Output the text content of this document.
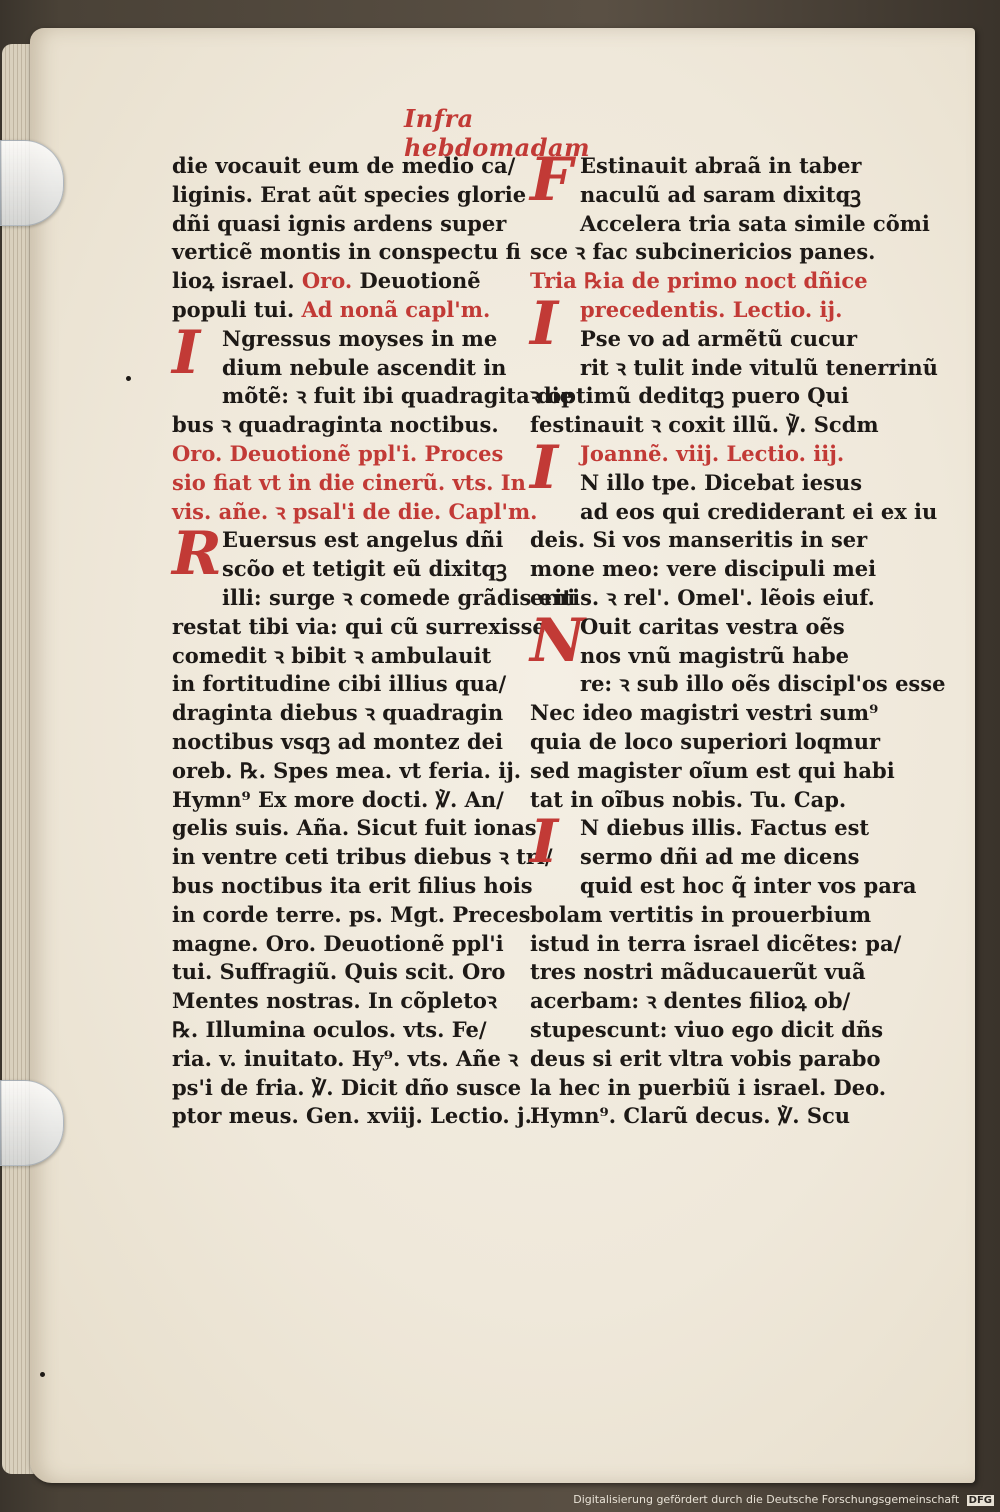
Infra hebdomadam
die vocauit eum de medio ca/
liginis. Erat aũt species glorie
dñi quasi ignis ardens super
verticẽ montis in conspectu fi
lioꝝ israel. Oro. Deuotionẽ
populi tui. Ad nonã capl'm.
I	Ngressus moyses in me
dium nebule ascendit in
mõtẽ: ꝛ fuit ibi quadragita die
bus ꝛ quadraginta noctibus.
Oro. Deuotionẽ ppl'i. Proces
sio fiat vt in die cinerũ. vts. In
vis. añe. ꝛ psal'i de die. Capl'm.
R Euersus est angelus dñi
scõo et tetigit eũ dixitqꝫ
illi: surge ꝛ comede grãdis eni
restat tibi via: qui cũ surrexisset
comedit ꝛ bibit ꝛ ambulauit
in fortitudine cibi illius qua/
draginta diebus ꝛ quadragin
noctibus vsqꝫ ad montez dei
oreb. ℞. Spes mea. vt feria. ij.
Hymn⁹ Ex more docti. ℣. An/
gelis suis. Aña. Sicut fuit ionas
in ventre ceti tribus diebus ꝛ tri/
bus noctibus ita erit filius hois
in corde terre. ps. Mgt. Preces
magne. Oro. Deuotionẽ ppl'i
tui. Suffragiũ. Quis scit. Oro
Mentes nostras. In cõpletoꝛ
℞. Illumina oculos. vts. Fe/
ria. v. inuitato. Hy⁹. vts. Añe ꝛ
ps'i de fria. ℣. Dicit dño susce
ptor meus. Gen. xviij. Lectio. j.
F Estinauit abraã in taber
naculũ ad saram dixitqꝫ
Accelera tria sata simile cõmi
sce ꝛ fac subcinericios panes.
Tria ℞ia de primo noct dñice
I	precedentis. Lectio. ij.
Pse vo ad armẽtũ cucur
rit ꝛ tulit inde vitulũ tenerrinũ
ꝛ optimũ deditqꝫ puero Qui
festinauit ꝛ coxit illũ. ℣. Scdm
I	Joannẽ. viij. Lectio. iij.
N illo tpe. Dicebat iesus
ad eos qui crediderant ei ex iu
deis. Si vos manseritis in ser
mone meo: vere discipuli mei
eritis. ꝛ rel'. Omel'. lẽois eiuf.
N
Ouit caritas vestra oẽs
nos vnũ magistrũ habe
re: ꝛ sub illo oẽs discipl'os esse
Nec ideo magistri vestri sum⁹
quia de loco superiori loqmur
sed magister oĩum est qui habi
tat in oĩbus nobis. Tu. Cap.
I	N diebus illis. Factus est
sermo dñi ad me dicens
quid est hoc q̃ inter vos para
bolam vertitis in prouerbium
istud in terra israel dicẽtes: pa/
tres nostri mãducauerũt vuã
acerbam: ꝛ dentes filioꝝ ob/
stupescunt: viuo ego dicit dñs
deus si erit vltra vobis parabo
la hec in puerbiũ i israel. Deo.
Hymn⁹. Clarũ decus. ℣. Scu
Digitalisierung gefördert durch die Deutsche Forschungsgemeinschaft DFG
